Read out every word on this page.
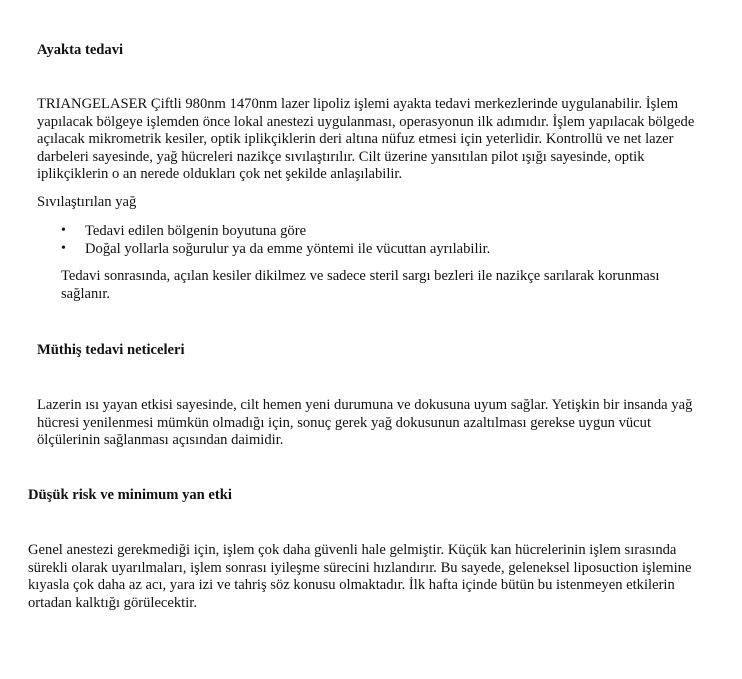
Ayakta tedavi

TRIANGELASER Çiftli 980nm 1470nm lazer lipoliz işlemi ayakta tedavi merkezlerinde uygulanabilir. İşlem yapılacak bölgeye işlemden önce lokal anestezi uygulanması, operasyonun ilk adımıdır. İşlem yapılacak bölgede açılacak mikrometrik kesiler, optik iplikçiklerin deri altına nüfuz etmesi için yeterlidir. Kontrollü ve net lazer darbeleri sayesinde, yağ hücreleri nazikçe sıvılaştırılır. Cilt üzerine yansıtılan pilot ışığı sayesinde, optik iplikçiklerin o an nerede oldukları çok net şekilde anlaşılabilir.

Sıvılaştırılan yağ

• Tedavi edilen bölgenin boyutuna göre
• Doğal yollarla soğurulur ya da emme yöntemi ile vücuttan ayrılabilir.

Tedavi sonrasında, açılan kesiler dikilmez ve sadece steril sargı bezleri ile nazikçe sarılarak korunması sağlanır.

Müthiş tedavi neticeleri

Lazerin ısı yayan etkisi sayesinde, cilt hemen yeni durumuna ve dokusuna uyum sağlar. Yetişkin bir insanda yağ hücresi yenilenmesi mümkün olmadığı için, sonuç gerek yağ dokusunun azaltılması gerekse uygun vücut ölçülerinin sağlanması açısından daimidir.

Düşük risk ve minimum yan etki

Genel anestezi gerekmediği için, işlem çok daha güvenli hale gelmiştir. Küçük kan hücrelerinin işlem sırasında sürekli olarak uyarılmaları, işlem sonrası iyileşme sürecini hızlandırır. Bu sayede, geleneksel liposuction işlemine kıyasla çok daha az acı, yara izi ve tahriş söz konusu olmaktadır. İlk hafta içinde bütün bu istenmeyen etkilerin ortadan kalktığı görülecektir.
